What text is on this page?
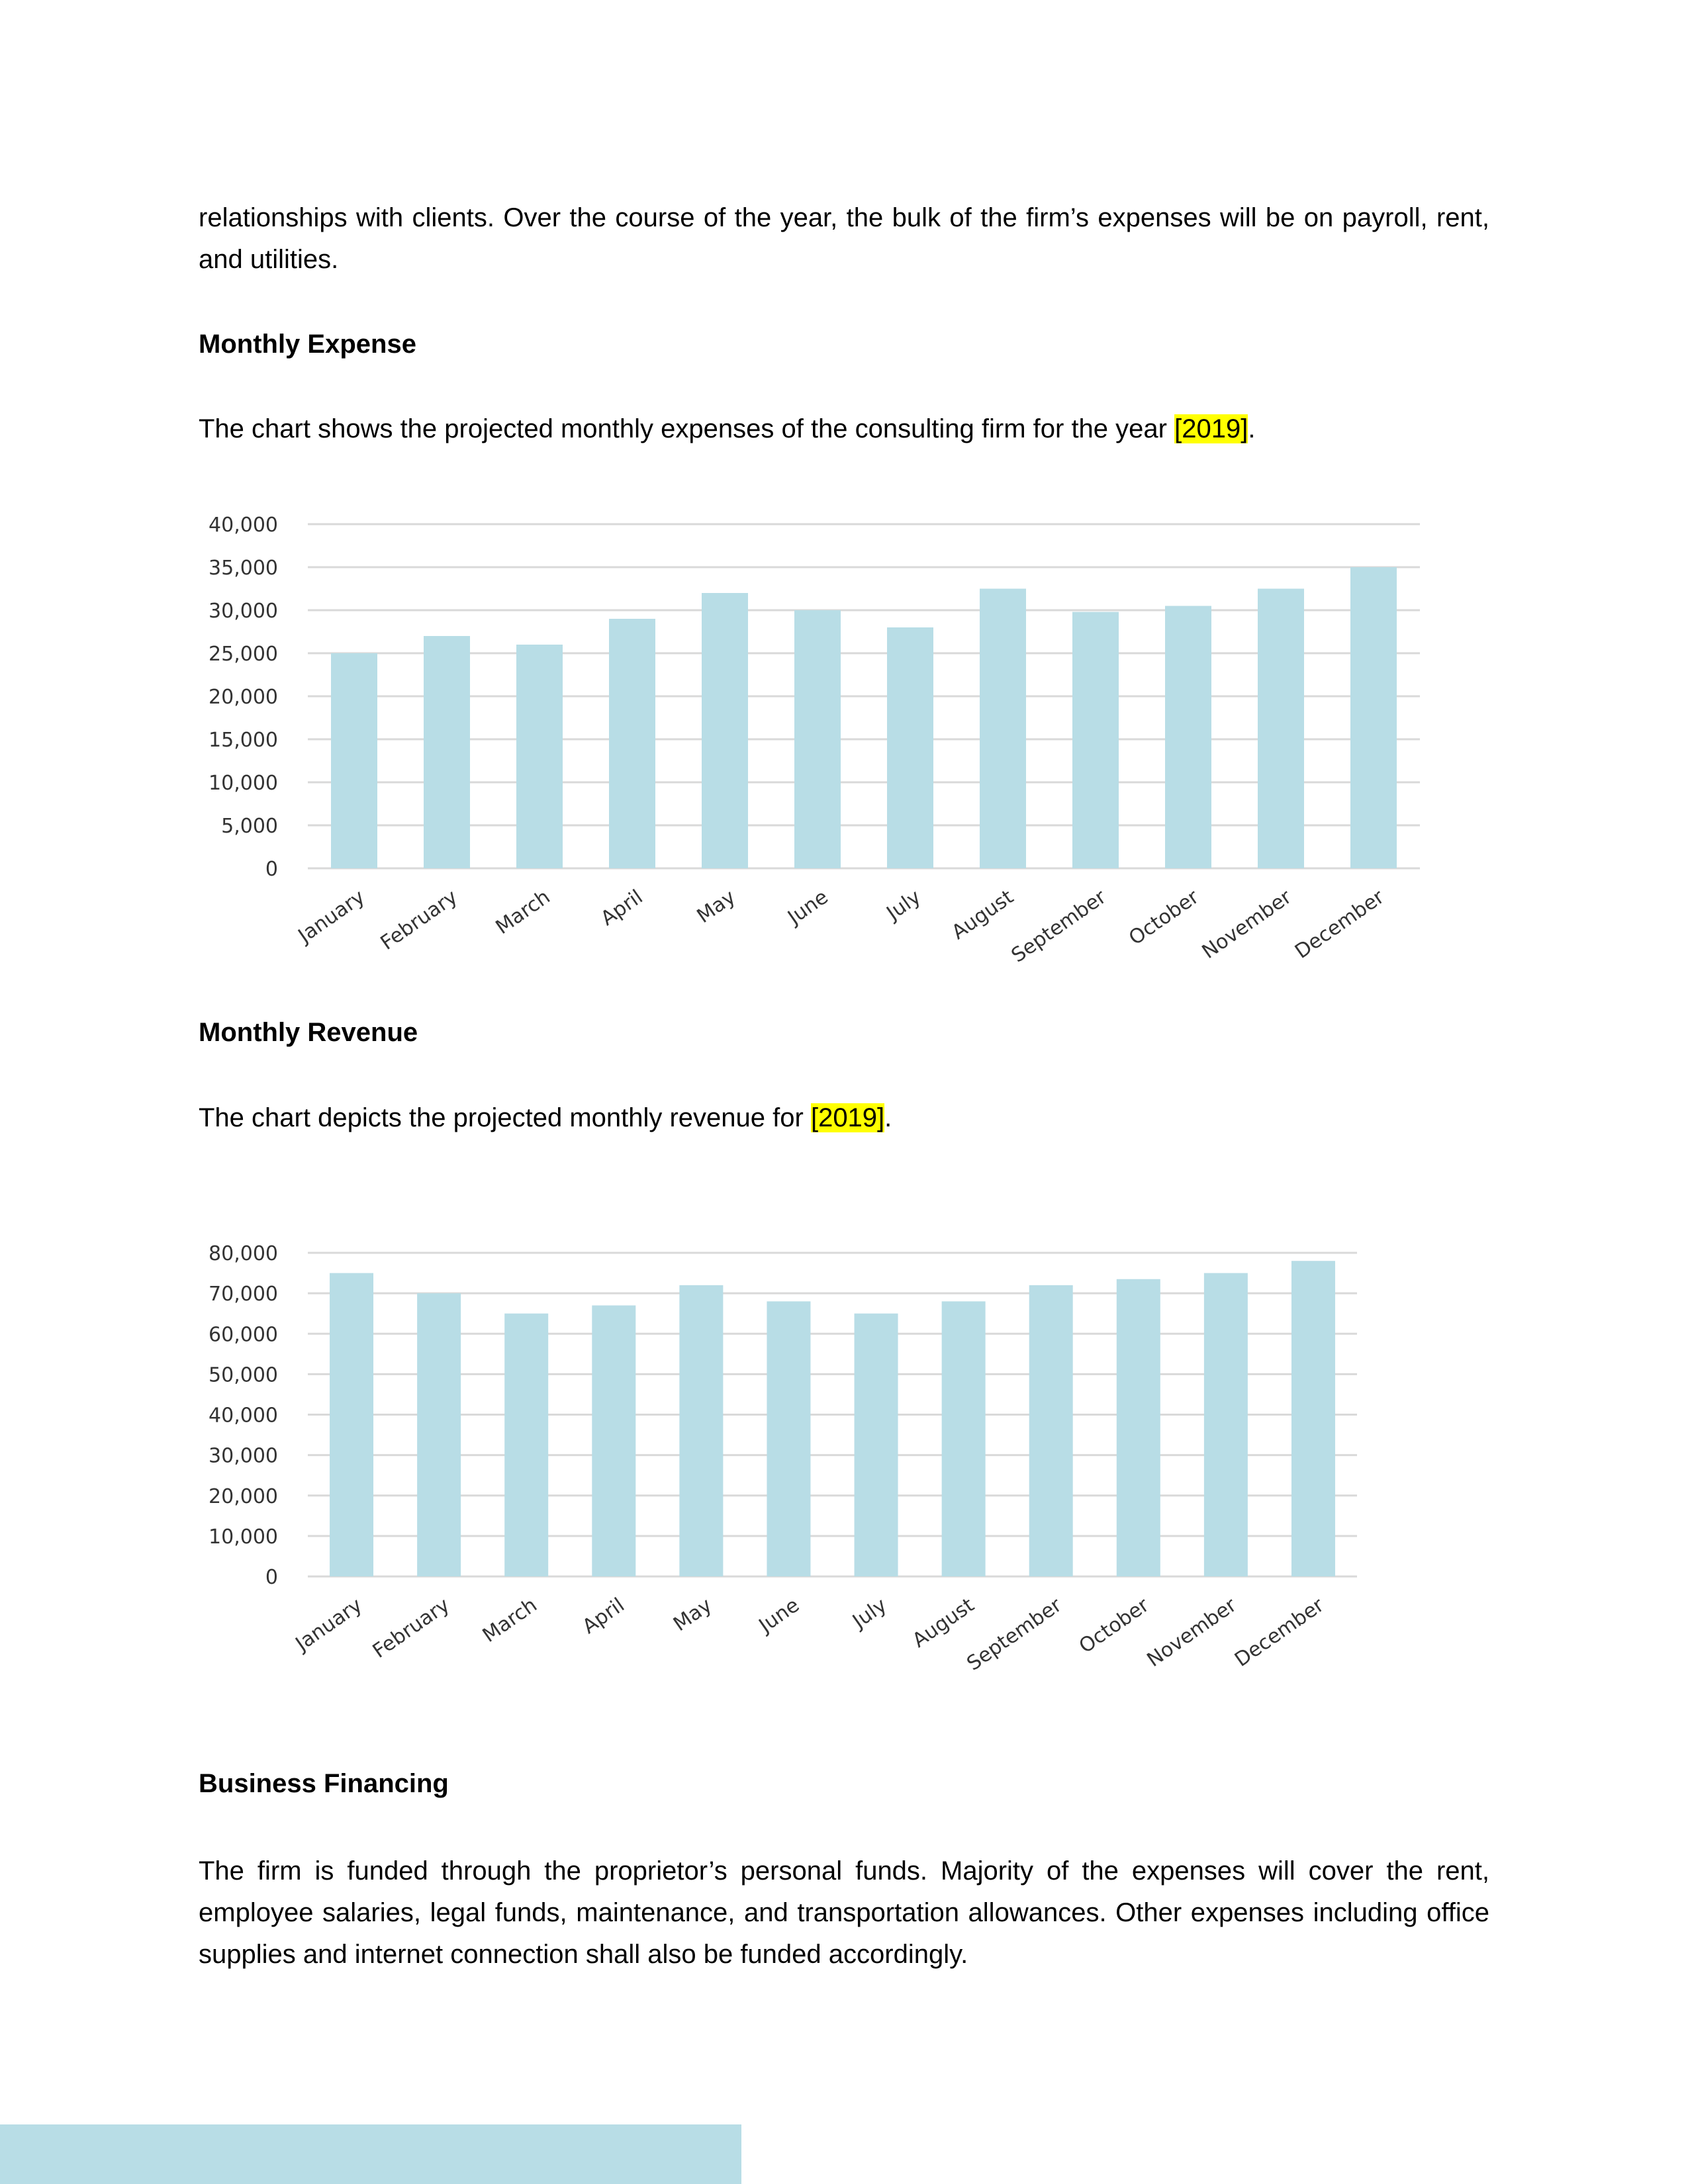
relationships with clients. Over the course of the year, the bulk of the firm’s expenses will be on payroll, rent, and utilities.

Monthly Expense

The chart shows the projected monthly expenses of the consulting firm for the year [2019].

0
5,000
10,000
15,000
20,000
25,000
30,000
35,000
40,000
January February March April May June	July August
September October
November
December
Monthly Revenue

The chart depicts the projected monthly revenue for [2019].

0
10,000
20,000
30,000
40,000
50,000
60,000
70,000
80,000
January February March April May June July August
September October
November
December
Business Financing

The firm is funded through the proprietor’s personal funds. Majority of the expenses will cover the rent, employee salaries, legal funds, maintenance, and transportation allowances. Other expenses including office supplies and internet connection shall also be funded accordingly.
